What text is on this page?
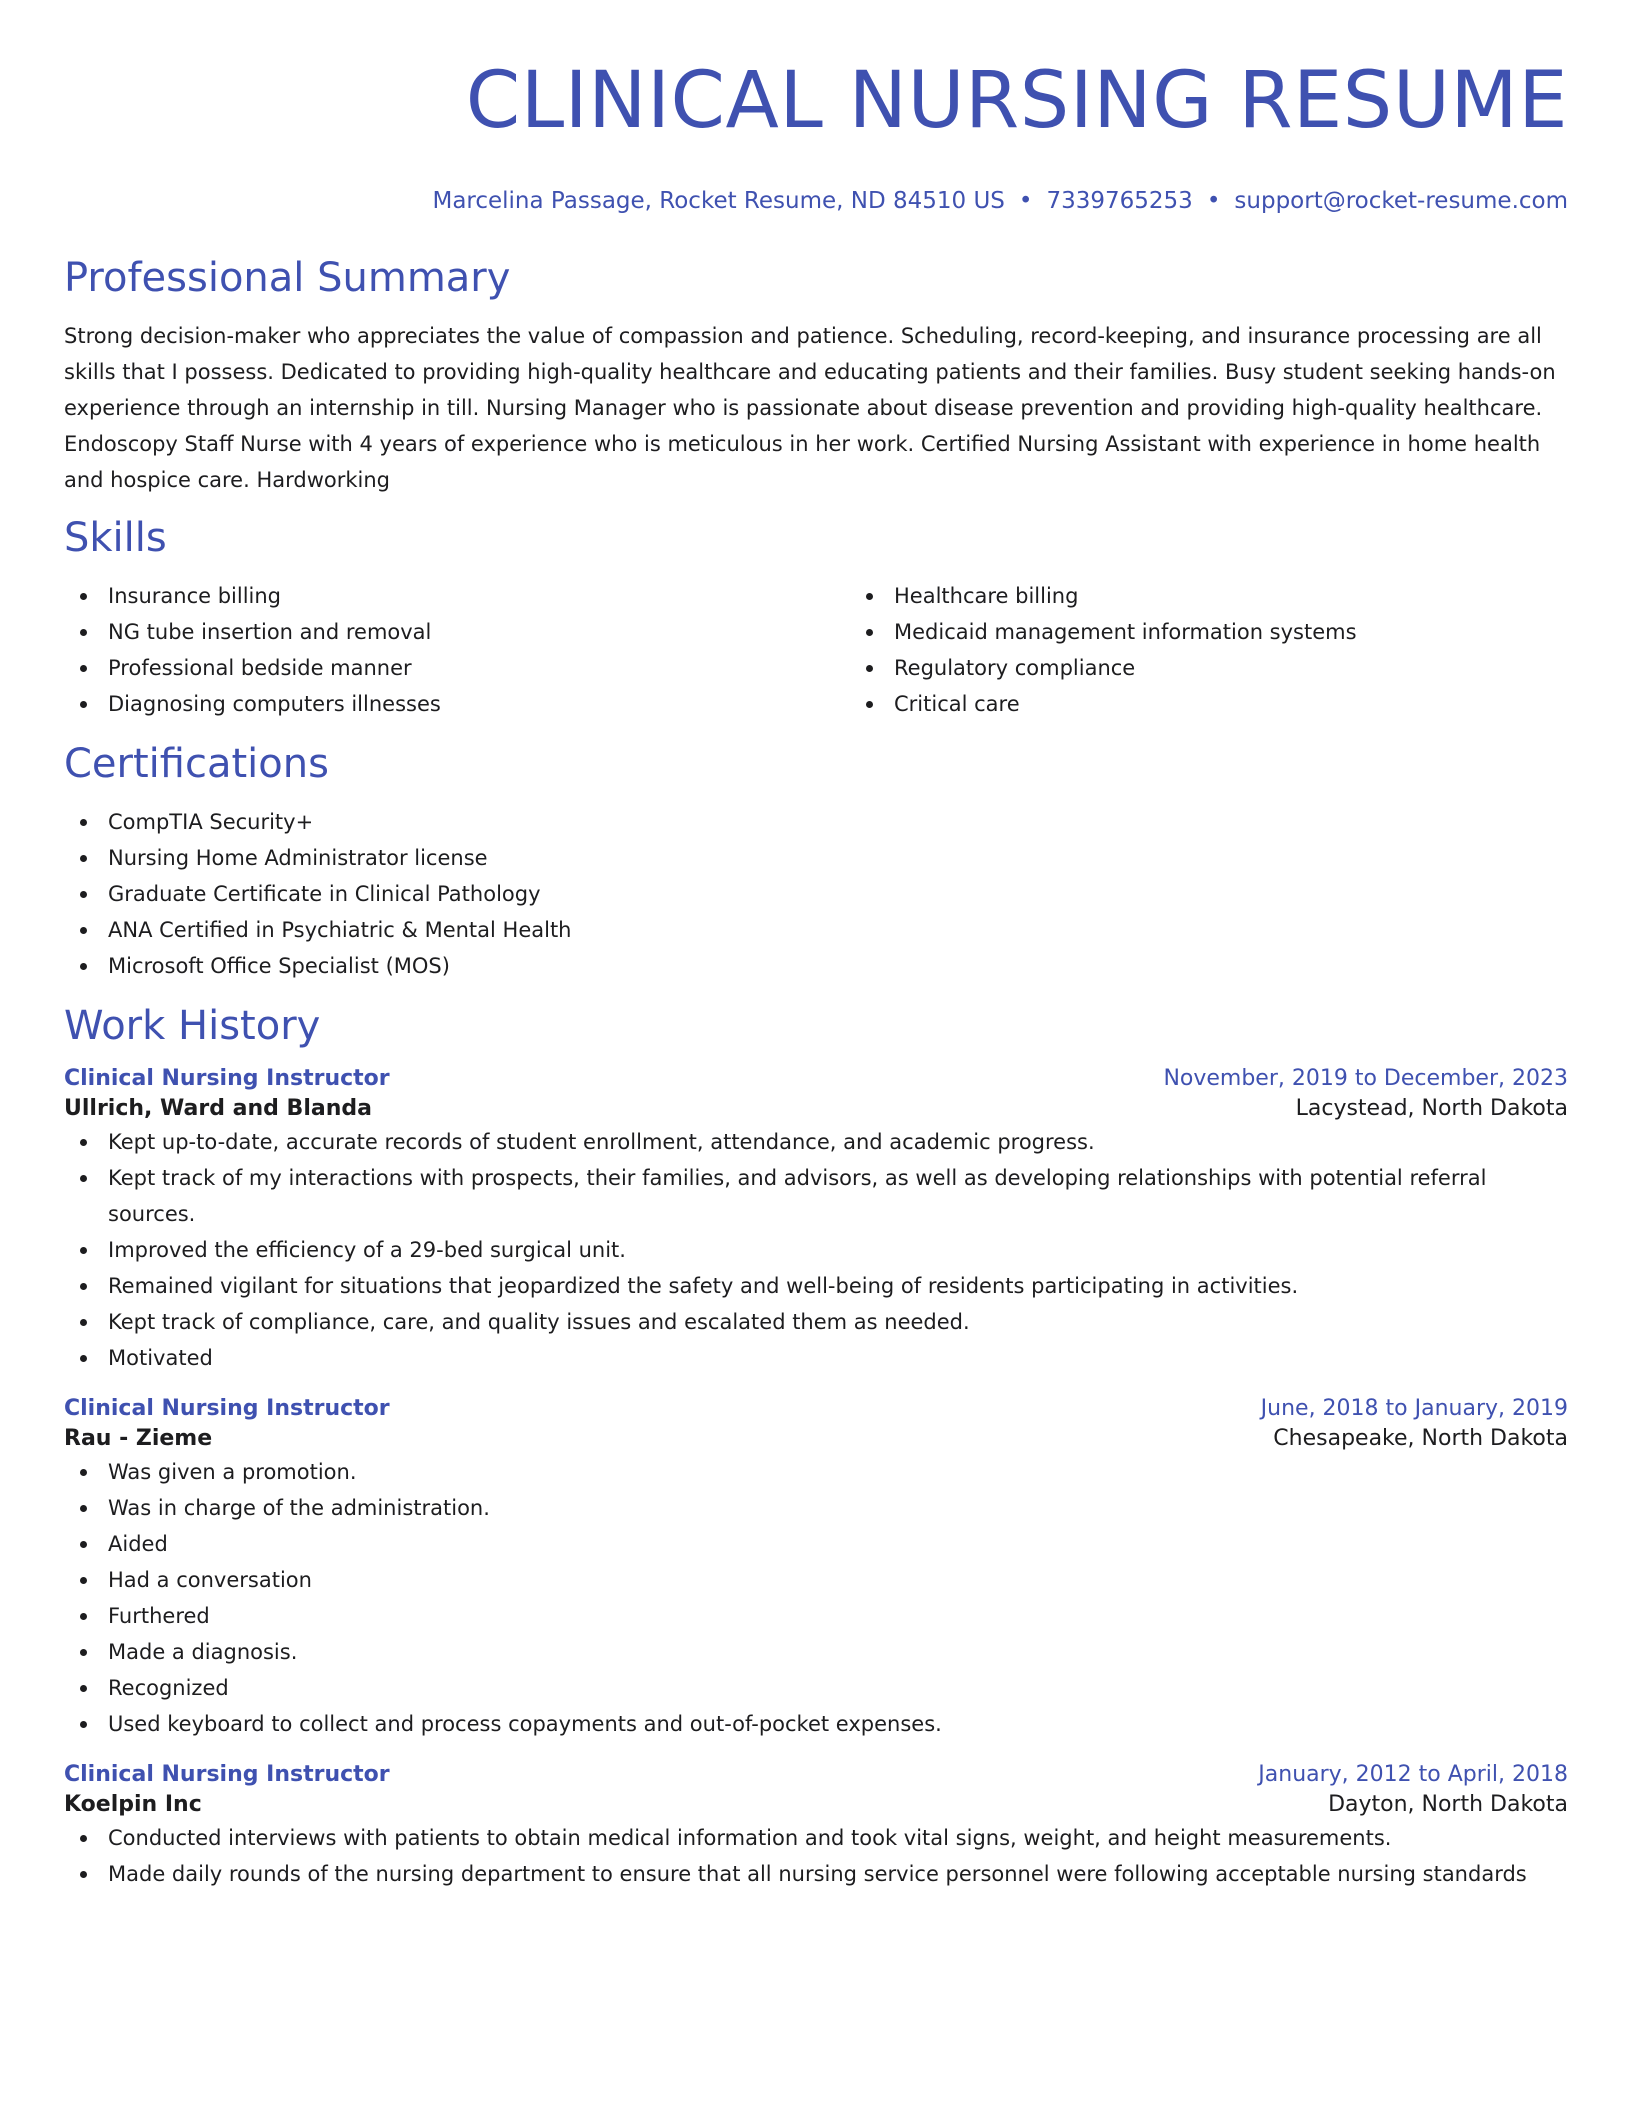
CLINICAL NURSING RESUME
Marcelina Passage, Rocket Resume, ND 84510 US • 7339765253 • support@rocket-resume.com
Professional Summary

Strong decision-maker who appreciates the value of compassion and patience. Scheduling, record-keeping, and insurance processing are all skills that I possess. Dedicated to providing high-quality healthcare and educating patients and their families. Busy student seeking hands-on experience through an internship in till. Nursing Manager who is passionate about disease prevention and providing high-quality healthcare. Endoscopy Staff Nurse with 4 years of experience who is meticulous in her work. Certified Nursing Assistant with experience in home health and hospice care. Hardworking

Skills
Insurance billing
NG tube insertion and removal
Professional bedside manner
Diagnosing computers illnesses
Healthcare billing
Medicaid management information systems
Regulatory compliance
Critical care
Certifications
CompTIA Security+
Nursing Home Administrator license
Graduate Certificate in Clinical Pathology
ANA Certified in Psychiatric & Mental Health
Microsoft Office Specialist (MOS)
Work History
Clinical Nursing Instructor	November, 2019 to December, 2023
Ullrich, Ward and Blanda	Lacystead, North Dakota
Kept up-to-date, accurate records of student enrollment, attendance, and academic progress.
Kept track of my interactions with prospects, their families, and advisors, as well as developing relationships with potential referral sources.
Improved the efficiency of a 29-bed surgical unit.
Remained vigilant for situations that jeopardized the safety and well-being of residents participating in activities.
Kept track of compliance, care, and quality issues and escalated them as needed.
Motivated
Clinical Nursing Instructor	June, 2018 to January, 2019
Rau - Zieme	Chesapeake, North Dakota
Was given a promotion.
Was in charge of the administration.
Aided
Had a conversation
Furthered
Made a diagnosis.
Recognized
Used keyboard to collect and process copayments and out-of-pocket expenses.
Clinical Nursing Instructor	January, 2012 to April, 2018
Koelpin Inc	Dayton, North Dakota
Conducted interviews with patients to obtain medical information and took vital signs, weight, and height measurements.
Made daily rounds of the nursing department to ensure that all nursing service personnel were following acceptable nursing standards
